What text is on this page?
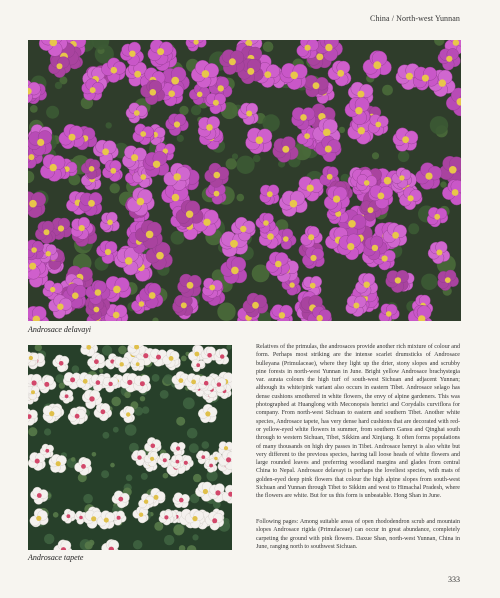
China / North-west Yunnan
Androsace delavayi
Androsace tapete

Relatives of the primulas, the androsaces provide another rich mixture of colour and form. Perhaps most striking are the intense scarlet drumsticks of Androsace bulleyana (Primulaceae), where they light up the drier, stony slopes and scrubby pine forests in north-west Yunnan in June. Bright yellow Androsace brachystegia var. aurata colours the high turf of south-west Sichuan and adjacent Yunnan; although its white/pink variant also occurs in eastern Tibet. Androsace selago has dense cushions smothered in white flowers, the envy of alpine gardeners. This was photographed at Huanglong with Meconopsis henrici and Corydalis curviflora for company. From north-west Sichuan to eastern and southern Tibet. Another white species, Androsace tapete, has very dense hard cushions that are decorated with red- or yellow-eyed white flowers in summer, from southern Gansu and Qinghai south through to western Sichuan, Tibet, Sikkim and Xinjiang. It often forms populations of many thousands on high dry passes in Tibet. Androsace henryi is also white but very different to the previous species, having tall loose heads of white flowers and large rounded leaves and preferring woodland margins and glades from central China to Nepal. Androsace delavayi is perhaps the loveliest species, with mats of golden-eyed deep pink flowers that colour the high alpine slopes from south-west Sichuan and Yunnan through Tibet to Sikkim and west to Himachal Pradesh, where the flowers are white. But for us this form is unbeatable. Hong Shan in June.

Following pages: Among suitable areas of open rhododendron scrub and mountain slopes Androsace rigida (Primulaceae) can occur in great abundance, completely carpeting the ground with pink flowers. Daxue Shan, north-west Yunnan, China in June, ranging north to southwest Sichuan.

333
